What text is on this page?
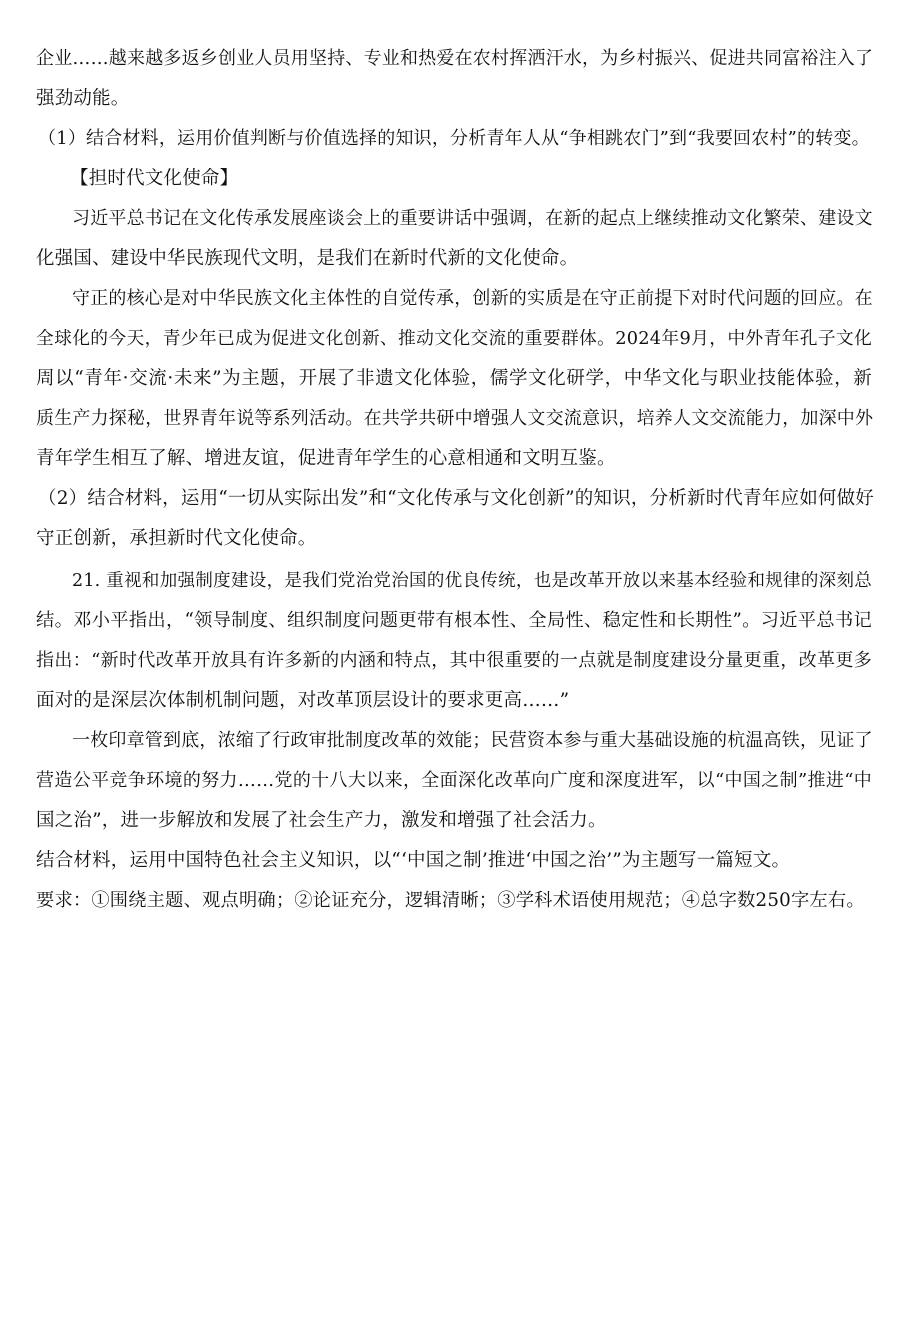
企业……越来越多返乡创业人员用坚持、专业和热爱在农村挥洒汗水，为乡村振兴、促进共同富裕注入了
强劲动能。
（1）结合材料，运用价值判断与价值选择的知识，分析青年人从“争相跳农门”到“我要回农村”的转变。
【担时代文化使命】
习近平总书记在文化传承发展座谈会上的重要讲话中强调，在新的起点上继续推动文化繁荣、建设文
化强国、建设中华民族现代文明，是我们在新时代新的文化使命。
守正的核心是对中华民族文化主体性的自觉传承，创新的实质是在守正前提下对时代问题的回应。在
全球化的今天，青少年已成为促进文化创新、推动文化交流的重要群体。2024年9月，中外青年孔子文化
周以“青年·交流·未来”为主题，开展了非遗文化体验，儒学文化研学，中华文化与职业技能体验，新
质生产力探秘，世界青年说等系列活动。在共学共研中增强人文交流意识，培养人文交流能力，加深中外
青年学生相互了解、增进友谊，促进青年学生的心意相通和文明互鉴。
（2）结合材料，运用“一切从实际出发”和“文化传承与文化创新”的知识，分析新时代青年应如何做好
守正创新，承担新时代文化使命。
21. 重视和加强制度建设，是我们党治党治国的优良传统，也是改革开放以来基本经验和规律的深刻总
结。邓小平指出，“领导制度、组织制度问题更带有根本性、全局性、稳定性和长期性”。习近平总书记
指出：“新时代改革开放具有许多新的内涵和特点，其中很重要的一点就是制度建设分量更重，改革更多
面对的是深层次体制机制问题，对改革顶层设计的要求更高……”
一枚印章管到底，浓缩了行政审批制度改革的效能；民营资本参与重大基础设施的杭温高铁，见证了
营造公平竞争环境的努力……党的十八大以来，全面深化改革向广度和深度进军，以“中国之制”推进“中
国之治”，进一步解放和发展了社会生产力，激发和增强了社会活力。
结合材料，运用中国特色社会主义知识，以“‘中国之制’推进‘中国之治’”为主题写一篇短文。
要求：①围绕主题、观点明确；②论证充分，逻辑清晰；③学科术语使用规范；④总字数250字左右。
